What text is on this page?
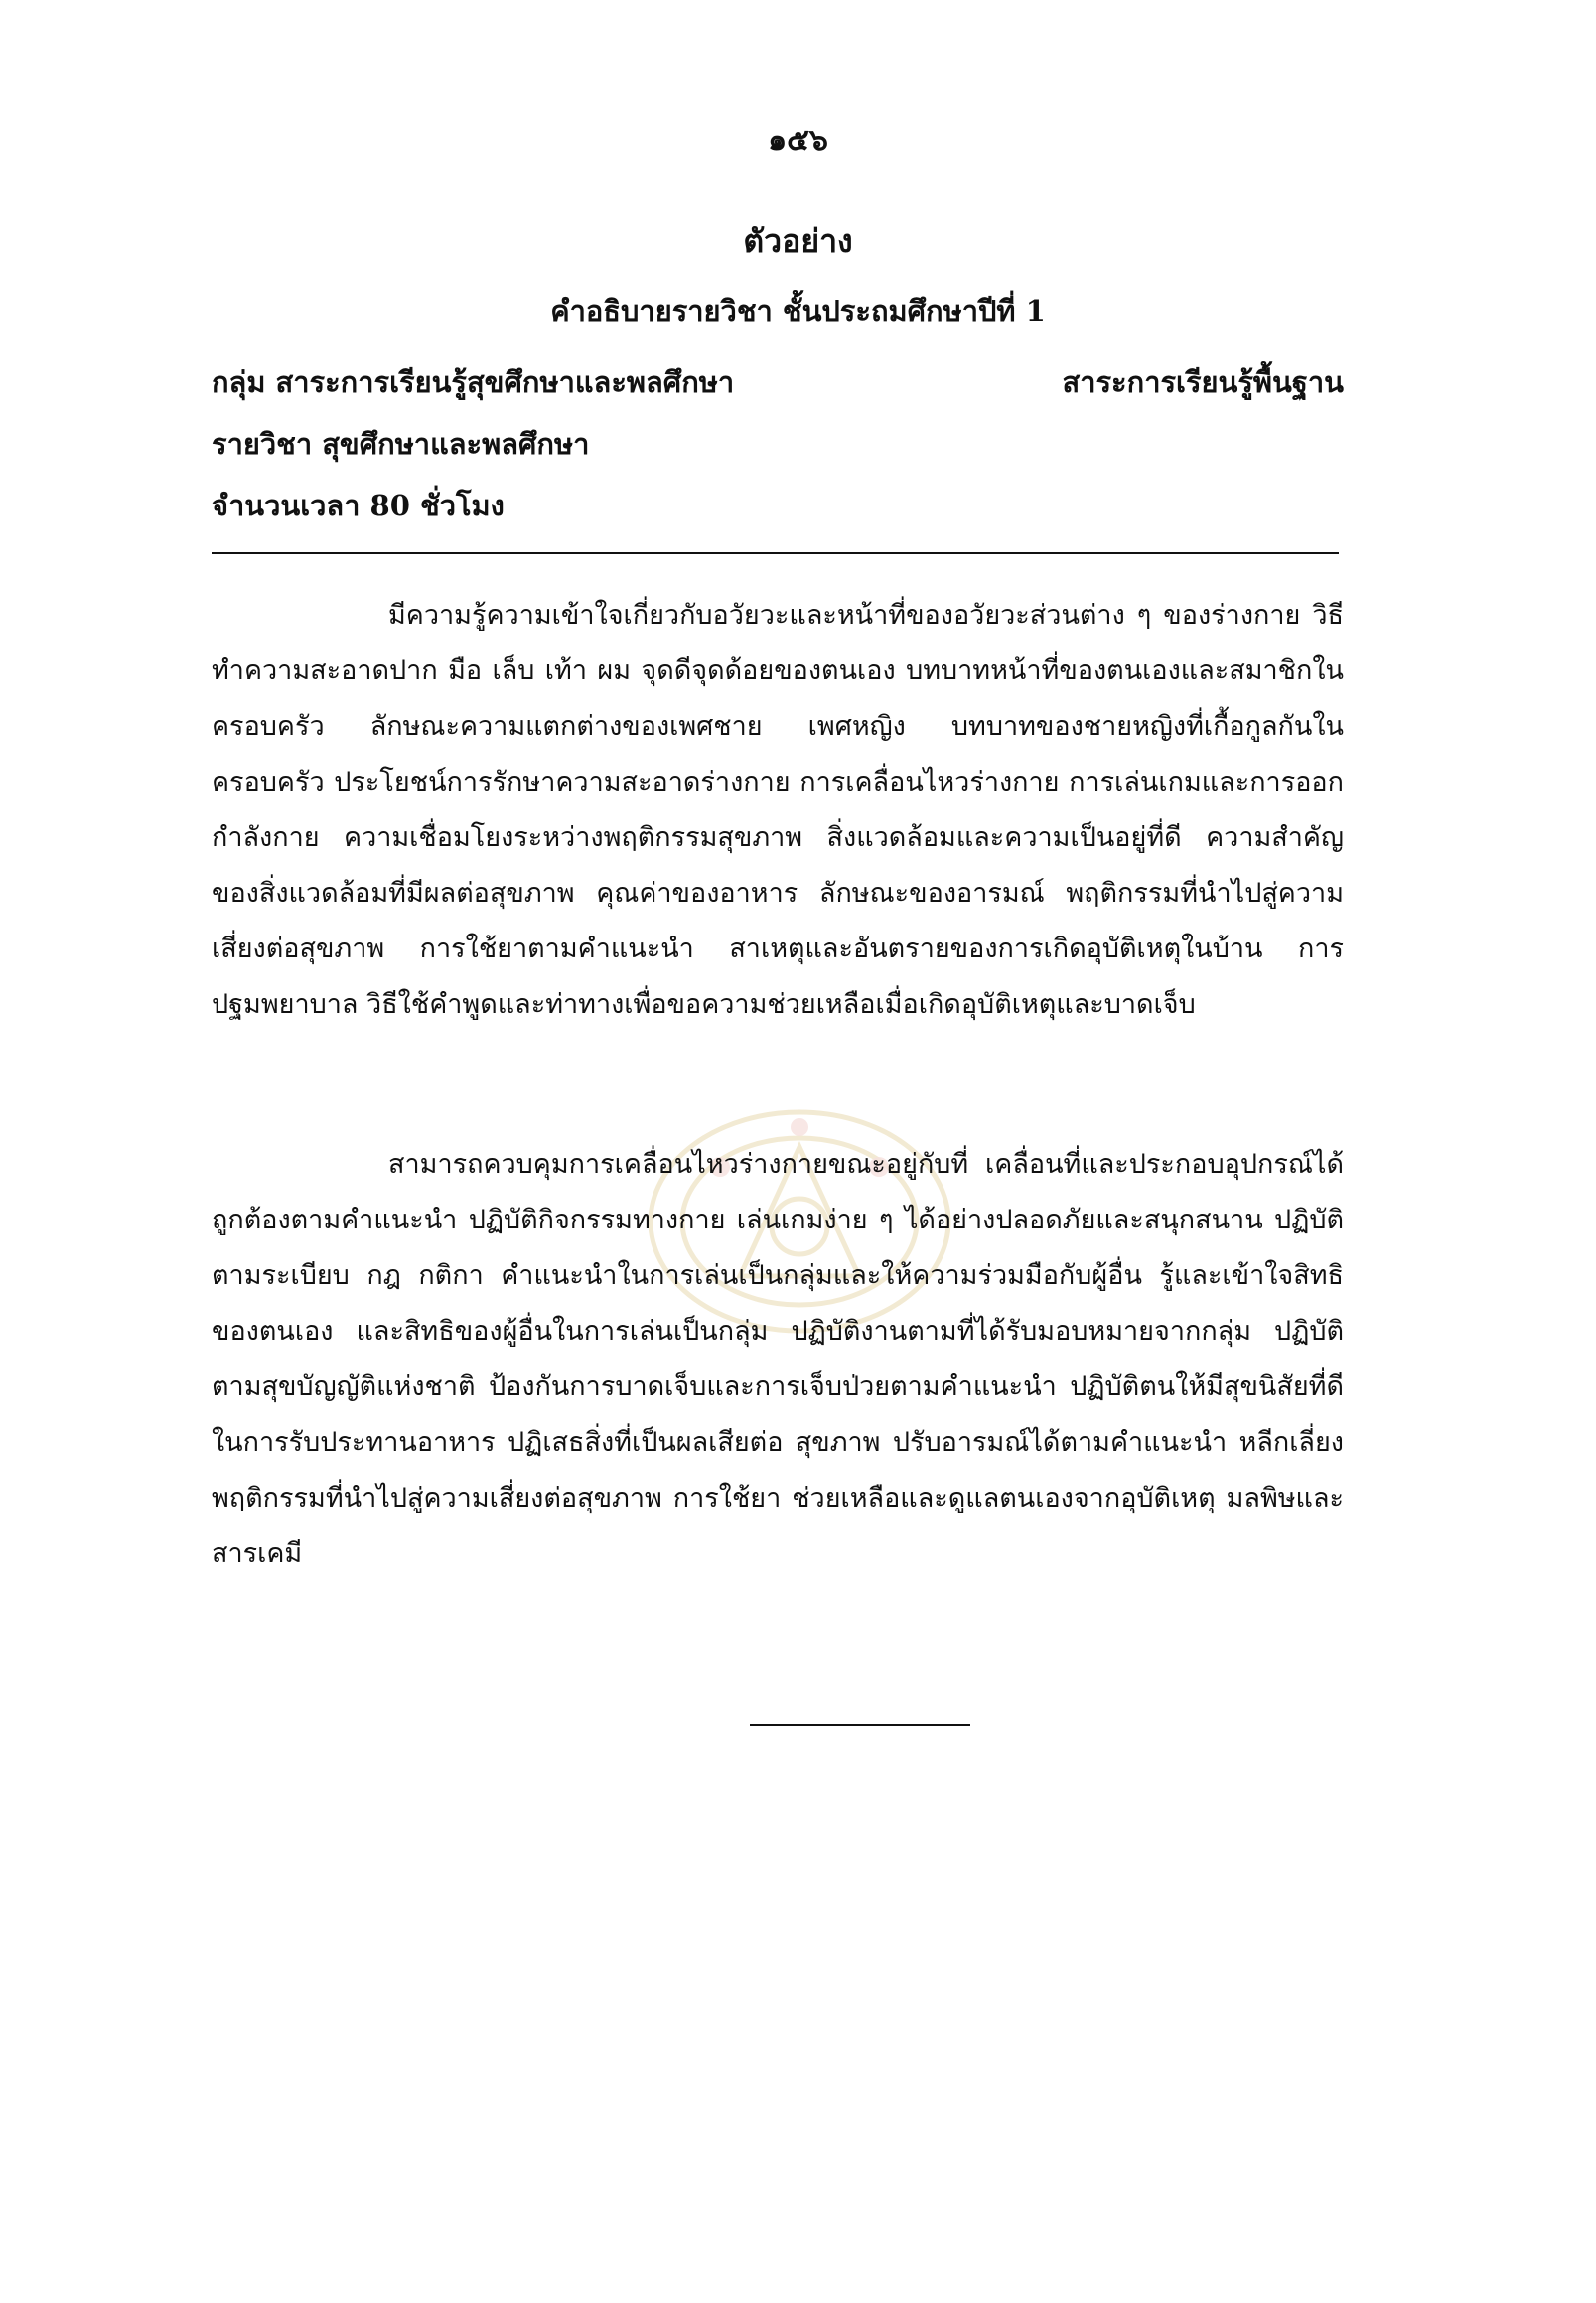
๑๕๖
ตัวอย่าง
คำอธิบายรายวิชา ชั้นประถมศึกษาปีที่ 1
กลุ่ม สาระการเรียนรู้สุขศึกษาและพลศึกษา	สาระการเรียนรู้พื้นฐาน
รายวิชา สุขศึกษาและพลศึกษา
จำนวนเวลา 80 ชั่วโมง

มีความรู้ความเข้าใจเกี่ยวกับอวัยวะและหน้าที่ของอวัยวะส่วนต่าง ๆ ของร่างกาย วิธีทำความสะอาดปาก มือ เล็บ เท้า ผม จุดดีจุดด้อยของตนเอง บทบาทหน้าที่ของตนเองและสมาชิกในครอบครัว ลักษณะความแตกต่างของเพศชาย เพศหญิง บทบาทของชายหญิงที่เกื้อกูลกันในครอบครัว ประโยชน์การรักษาความสะอาดร่างกาย การเคลื่อนไหวร่างกาย การเล่นเกมและการออกกำลังกาย ความเชื่อมโยงระหว่างพฤติกรรมสุขภาพ สิ่งแวดล้อมและความเป็นอยู่ที่ดี ความสำคัญของสิ่งแวดล้อมที่มีผลต่อสุขภาพ คุณค่าของอาหาร ลักษณะของอารมณ์ พฤติกรรมที่นำไปสู่ความเสี่ยงต่อสุขภาพ การใช้ยาตามคำแนะนำ สาเหตุและอันตรายของการเกิดอุบัติเหตุในบ้าน การปฐมพยาบาล วิธีใช้คำพูดและท่าทางเพื่อขอความช่วยเหลือเมื่อเกิดอุบัติเหตุและบาดเจ็บ

สามารถควบคุมการเคลื่อนไหวร่างกายขณะอยู่กับที่ เคลื่อนที่และประกอบอุปกรณ์ได้ถูกต้องตามคำแนะนำ ปฏิบัติกิจกรรมทางกาย เล่นเกมง่าย ๆ ได้อย่างปลอดภัยและสนุกสนาน ปฏิบัติตามระเบียบ กฎ กติกา คำแนะนำในการเล่นเป็นกลุ่มและให้ความร่วมมือกับผู้อื่น รู้และเข้าใจสิทธิของตนเอง และสิทธิของผู้อื่นในการเล่นเป็นกลุ่ม ปฏิบัติงานตามที่ได้รับมอบหมายจากกลุ่ม ปฏิบัติตามสุขบัญญัติแห่งชาติ ป้องกันการบาดเจ็บและการเจ็บป่วยตามคำแนะนำ ปฏิบัติตนให้มีสุขนิสัยที่ดีในการรับประทานอาหาร ปฏิเสธสิ่งที่เป็นผลเสียต่อ สุขภาพ ปรับอารมณ์ได้ตามคำแนะนำ หลีกเลี่ยงพฤติกรรมที่นำไปสู่ความเสี่ยงต่อสุขภาพ การใช้ยา ช่วยเหลือและดูแลตนเองจากอุบัติเหตุ มลพิษและสารเคมี
